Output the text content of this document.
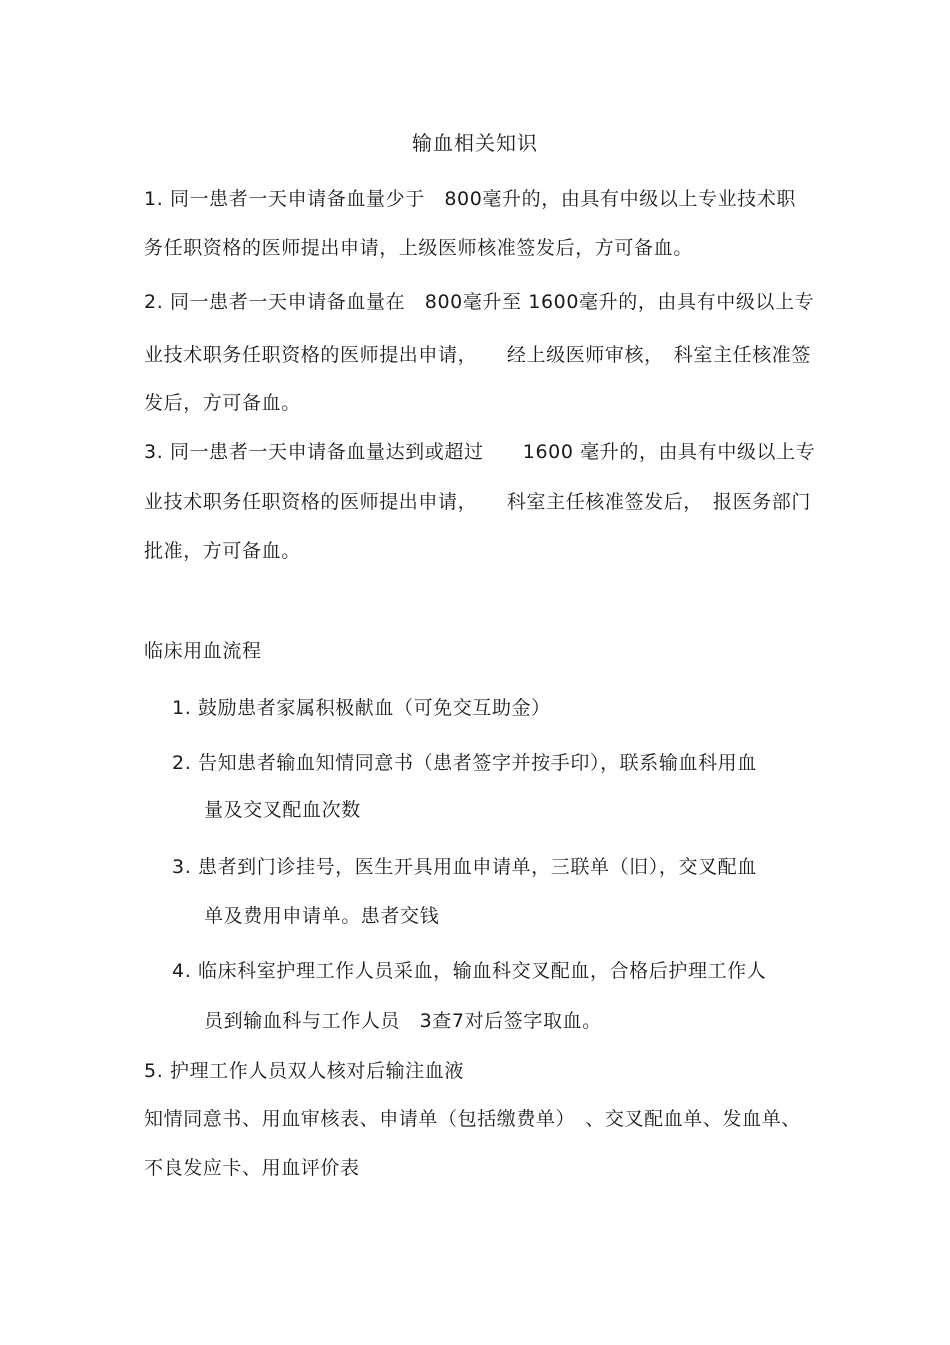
输血相关知识
1. 同一患者一天申请备血量少于　800毫升的，由具有中级以上专业技术职
务任职资格的医师提出申请，上级医师核准签发后，方可备血。
2. 同一患者一天申请备血量在　800毫升至 1600毫升的，由具有中级以上专
业技术职务任职资格的医师提出申请，　　经上级医师审核，　科室主任核准签
发后，方可备血。
3. 同一患者一天申请备血量达到或超过　　1600 毫升的，由具有中级以上专
业技术职务任职资格的医师提出申请，　　科室主任核准签发后，　报医务部门
批准，方可备血。
临床用血流程
1. 鼓励患者家属积极献血（可免交互助金）
2. 告知患者输血知情同意书（患者签字并按手印），联系输血科用血
量及交叉配血次数
3. 患者到门诊挂号，医生开具用血申请单，三联单（旧），交叉配血
单及费用申请单。患者交钱
4. 临床科室护理工作人员采血，输血科交叉配血，合格后护理工作人
员到输血科与工作人员　3查7对后签字取血。
5. 护理工作人员双人核对后输注血液
知情同意书、用血审核表、申请单（包括缴费单）　、交叉配血单、发血单、
不良发应卡、用血评价表
